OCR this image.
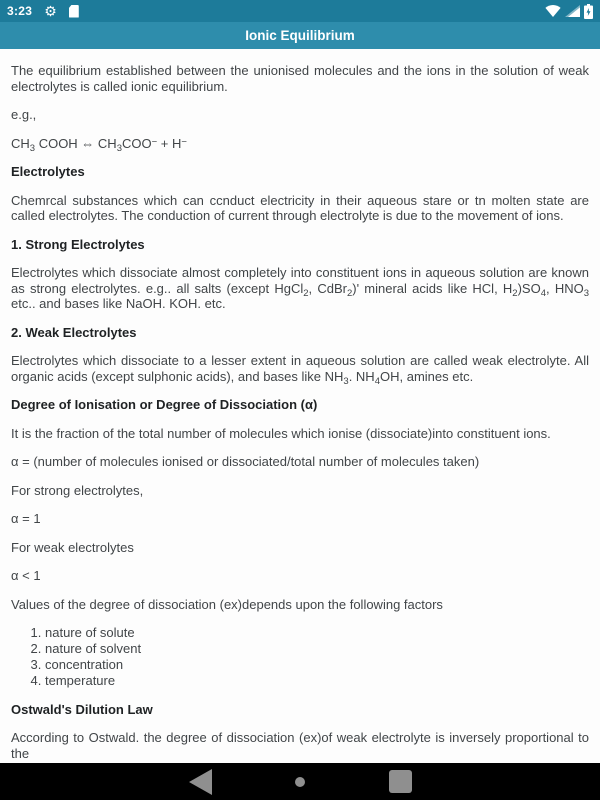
3:23 ⚙
Ionic Equilibrium

The equilibrium established between the unionised molecules and the ions in the solution of weak electrolytes is called ionic equilibrium.

e.g.,

$CH_3$ COOH ⇔ $CH_3COO^- + H^-$

Electrolytes

Chemrcal substances which can ccnduct electricity in their aqueous stare or tn molten state are called electrolytes. The conduction of current through electrolyte is due to the movement of ions.

1. Strong Electrolytes

Electrolytes which dissociate almost completely into constituent ions in aqueous solution are known as strong electrolytes. e.g.. all salts (except HgCl$_2$, CdBr$_2$)' mineral acids like HCl, $H_2)SO_4$, $HNO_3$ etc.. and bases like NaOH. KOH. etc.

2. Weak Electrolytes

Electrolytes which dissociate to a lesser extent in aqueous solution are called weak electrolyte. All organic acids (except sulphonic acids), and bases like $NH_3$. $NH_4OH$, amines etc.

Degree of Ionisation or Degree of Dissociation (α)

It is the fraction of the total number of molecules which ionise (dissociate)into constituent ions.

α = (number of molecules ionised or dissociated/total number of molecules taken)

For strong electrolytes,

α = 1

For weak electrolytes

α < 1

Values of the degree of dissociation (ex)depends upon the following factors

1. nature of solute
2. nature of solvent
3. concentration
4. temperature

Ostwald's Dilution Law

According to Ostwald. the degree of dissociation (ex)of weak electrolyte is inversely proportional to the
